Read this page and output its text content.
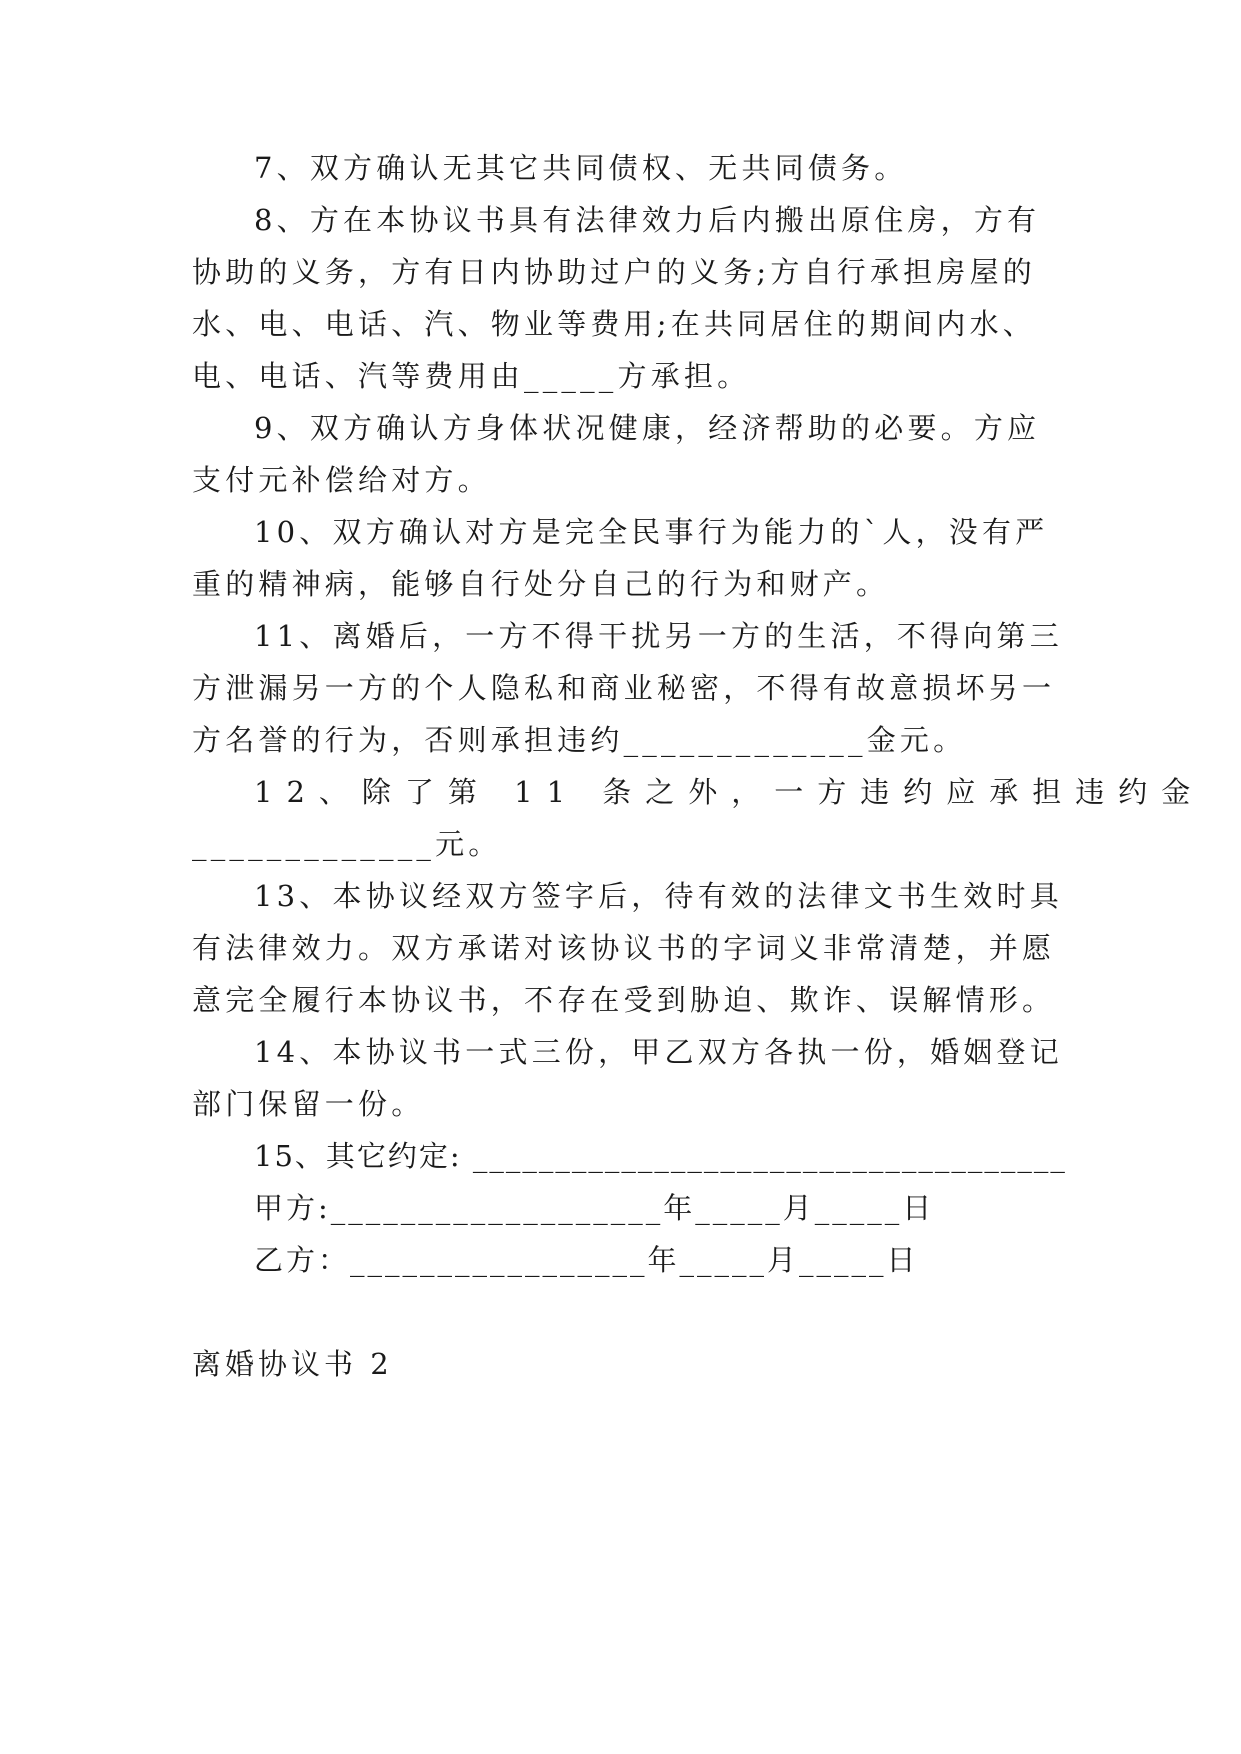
7、双方确认无其它共同债权、无共同债务。

8、方在本协议书具有法律效力后内搬出原住房，方有

协助的义务，方有日内协助过户的义务;方自行承担房屋的

水、电、电话、汽、物业等费用;在共同居住的期间内水、

电、电话、汽等费用由_____方承担。

9、双方确认方身体状况健康，经济帮助的必要。方应

支付元补偿给对方。

10、双方确认对方是完全民事行为能力的`人，没有严

重的精神病，能够自行处分自己的行为和财产。

11、离婚后，一方不得干扰另一方的生活，不得向第三

方泄漏另一方的个人隐私和商业秘密，不得有故意损坏另一

方名誉的行为，否则承担违约_____________金元。

12、除了第 11 条之外，一方违约应承担违约金

_____________元。

13、本协议经双方签字后，待有效的法律文书生效时具

有法律效力。双方承诺对该协议书的字词义非常清楚，并愿

意完全履行本协议书，不存在受到胁迫、欺诈、误解情形。

14、本协议书一式三份，甲乙双方各执一份，婚姻登记

部门保留一份。

15、其它约定: ____________________________________

甲方:___________________年_____月_____日

乙方：_________________年_____月_____日

离婚协议书 2
